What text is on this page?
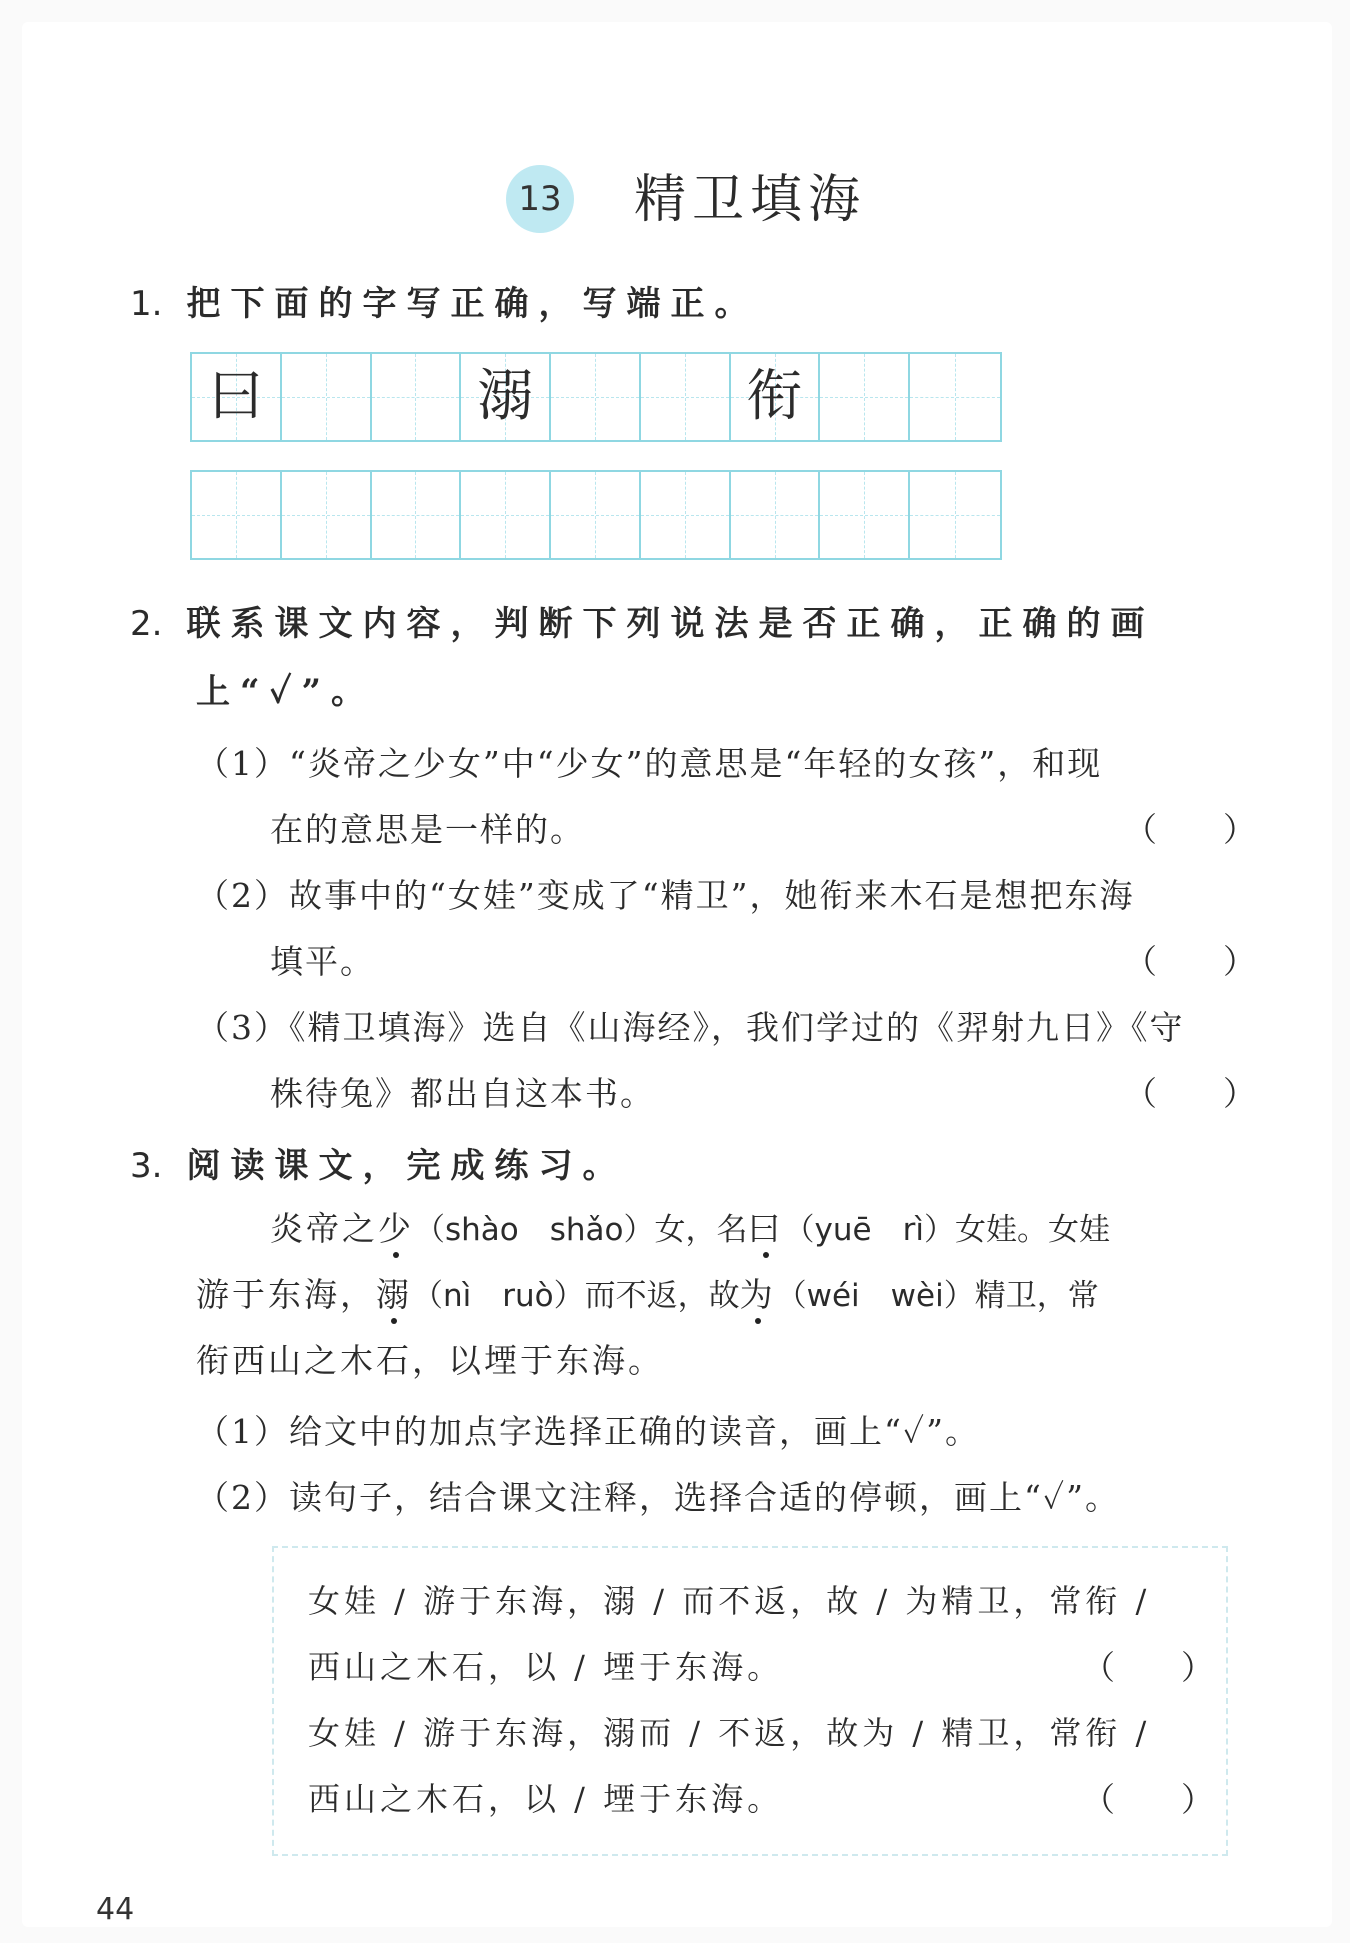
13 精卫填海
1. 把下面的字写正确，写端正。
曰	溺	衔
2. 联系课文内容，判断下列说法是否正确，正确的画
上“✓”。
（1）“炎帝之少女”中“少女”的意思是“年轻的女孩”，和现
在的意思是一样的。	（　　）
（2）故事中的“女娃”变成了“精卫”，她衔来木石是想把东海
填平。	（　　）
（3）《精卫填海》选自《山海经》，我们学过的《羿射九日》《守
株待兔》都出自这本书。	（　　）
3. 阅读课文，完成练习。
炎帝之少（shào　shǎo）女，名曰（yuē　rì）女娃。女娃
游于东海，溺（nì　ruò）而不返，故为（wéi　wèi）精卫，常
衔西山之木石，以堙于东海。
（1）给文中的加点字选择正确的读音，画上“✓”。
（2）读句子，结合课文注释，选择合适的停顿，画上“✓”。
女娃 / 游于东海，溺 / 而不返，故 / 为精卫，常衔 /
西山之木石，以 / 堙于东海。	（　　）
女娃 / 游于东海，溺而 / 不返，故为 / 精卫，常衔 /
西山之木石，以 / 堙于东海。	（　　）
44
